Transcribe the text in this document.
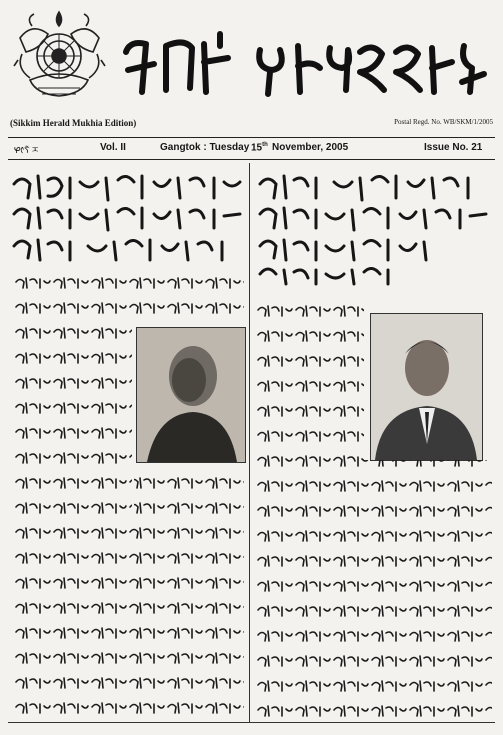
(Sikkim Herald Mukhia Edition)	Postal Regd. No. WB/SKM/1/2005
ᰋᰦᰛᰶ ᰌ	Vol. II	Gangtok : Tuesday 15th November, 2005	Issue No. 21
